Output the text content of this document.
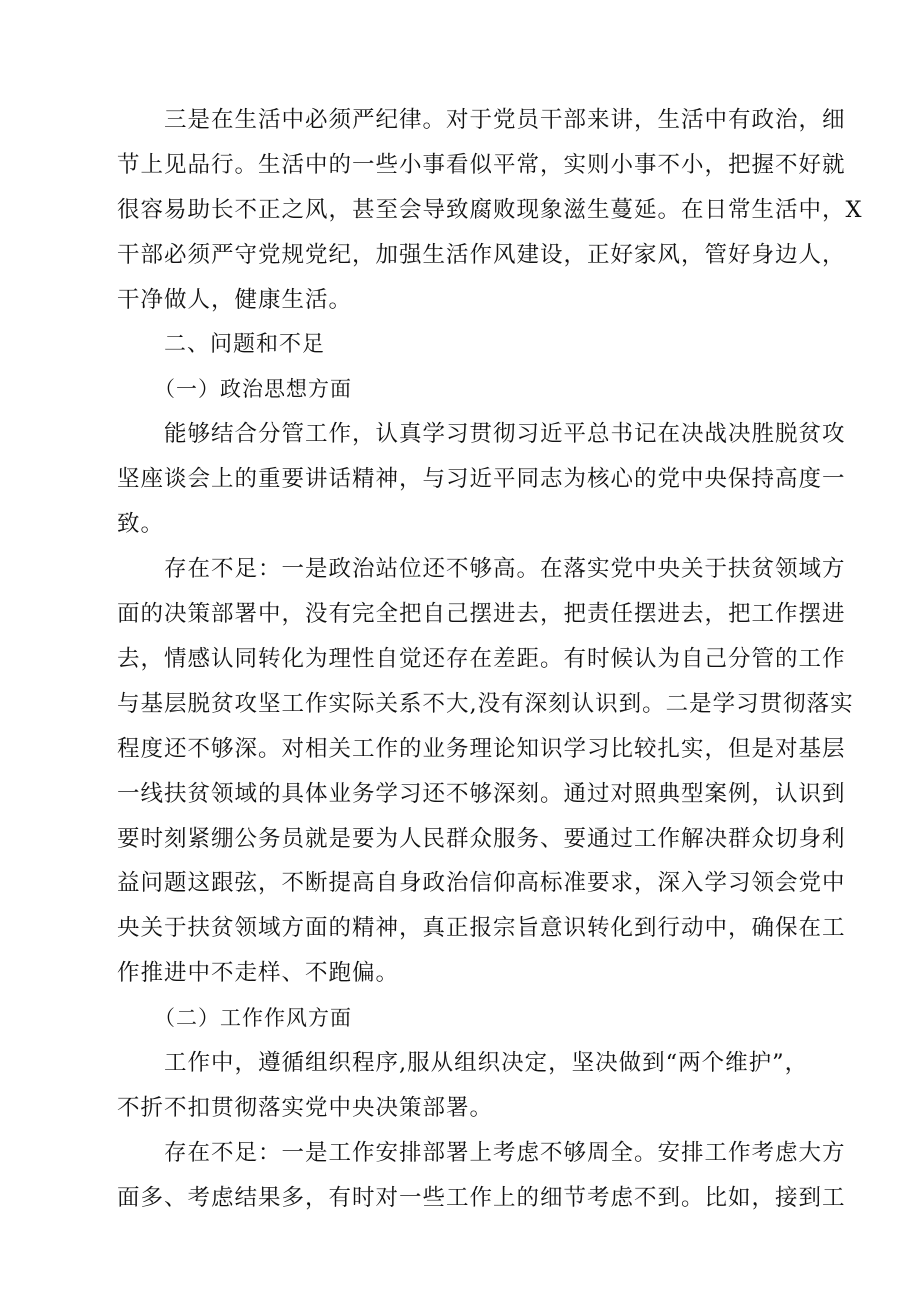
三是在生活中必须严纪律。对于党员干部来讲，生活中有政治，细
节上见品行。生活中的一些小事看似平常，实则小事不小，把握不好就
很容易助长不正之风，甚至会导致腐败现象滋生蔓延。在日常生活中，X
干部必须严守党规党纪，加强生活作风建设，正好家风，管好身边人，
干净做人，健康生活。
二、问题和不足
（一）政治思想方面
能够结合分管工作，认真学习贯彻习近平总书记在决战决胜脱贫攻
坚座谈会上的重要讲话精神，与习近平同志为核心的党中央保持高度一
致。
存在不足：一是政治站位还不够高。在落实党中央关于扶贫领域方
面的决策部署中，没有完全把自己摆进去，把责任摆进去，把工作摆进
去，情感认同转化为理性自觉还存在差距。有时候认为自己分管的工作
与基层脱贫攻坚工作实际关系不大,没有深刻认识到。二是学习贯彻落实
程度还不够深。对相关工作的业务理论知识学习比较扎实，但是对基层
一线扶贫领域的具体业务学习还不够深刻。通过对照典型案例，认识到
要时刻紧绷公务员就是要为人民群众服务、要通过工作解决群众切身利
益问题这跟弦，不断提高自身政治信仰高标准要求，深入学习领会党中
央关于扶贫领域方面的精神，真正报宗旨意识转化到行动中，确保在工
作推进中不走样、不跑偏。
（二）工作作风方面
工作中，遵循组织程序,服从组织决定，坚决做到“两个维护”，
不折不扣贯彻落实党中央决策部署。
存在不足：一是工作安排部署上考虑不够周全。安排工作考虑大方
面多、考虑结果多，有时对一些工作上的细节考虑不到。比如，接到工
